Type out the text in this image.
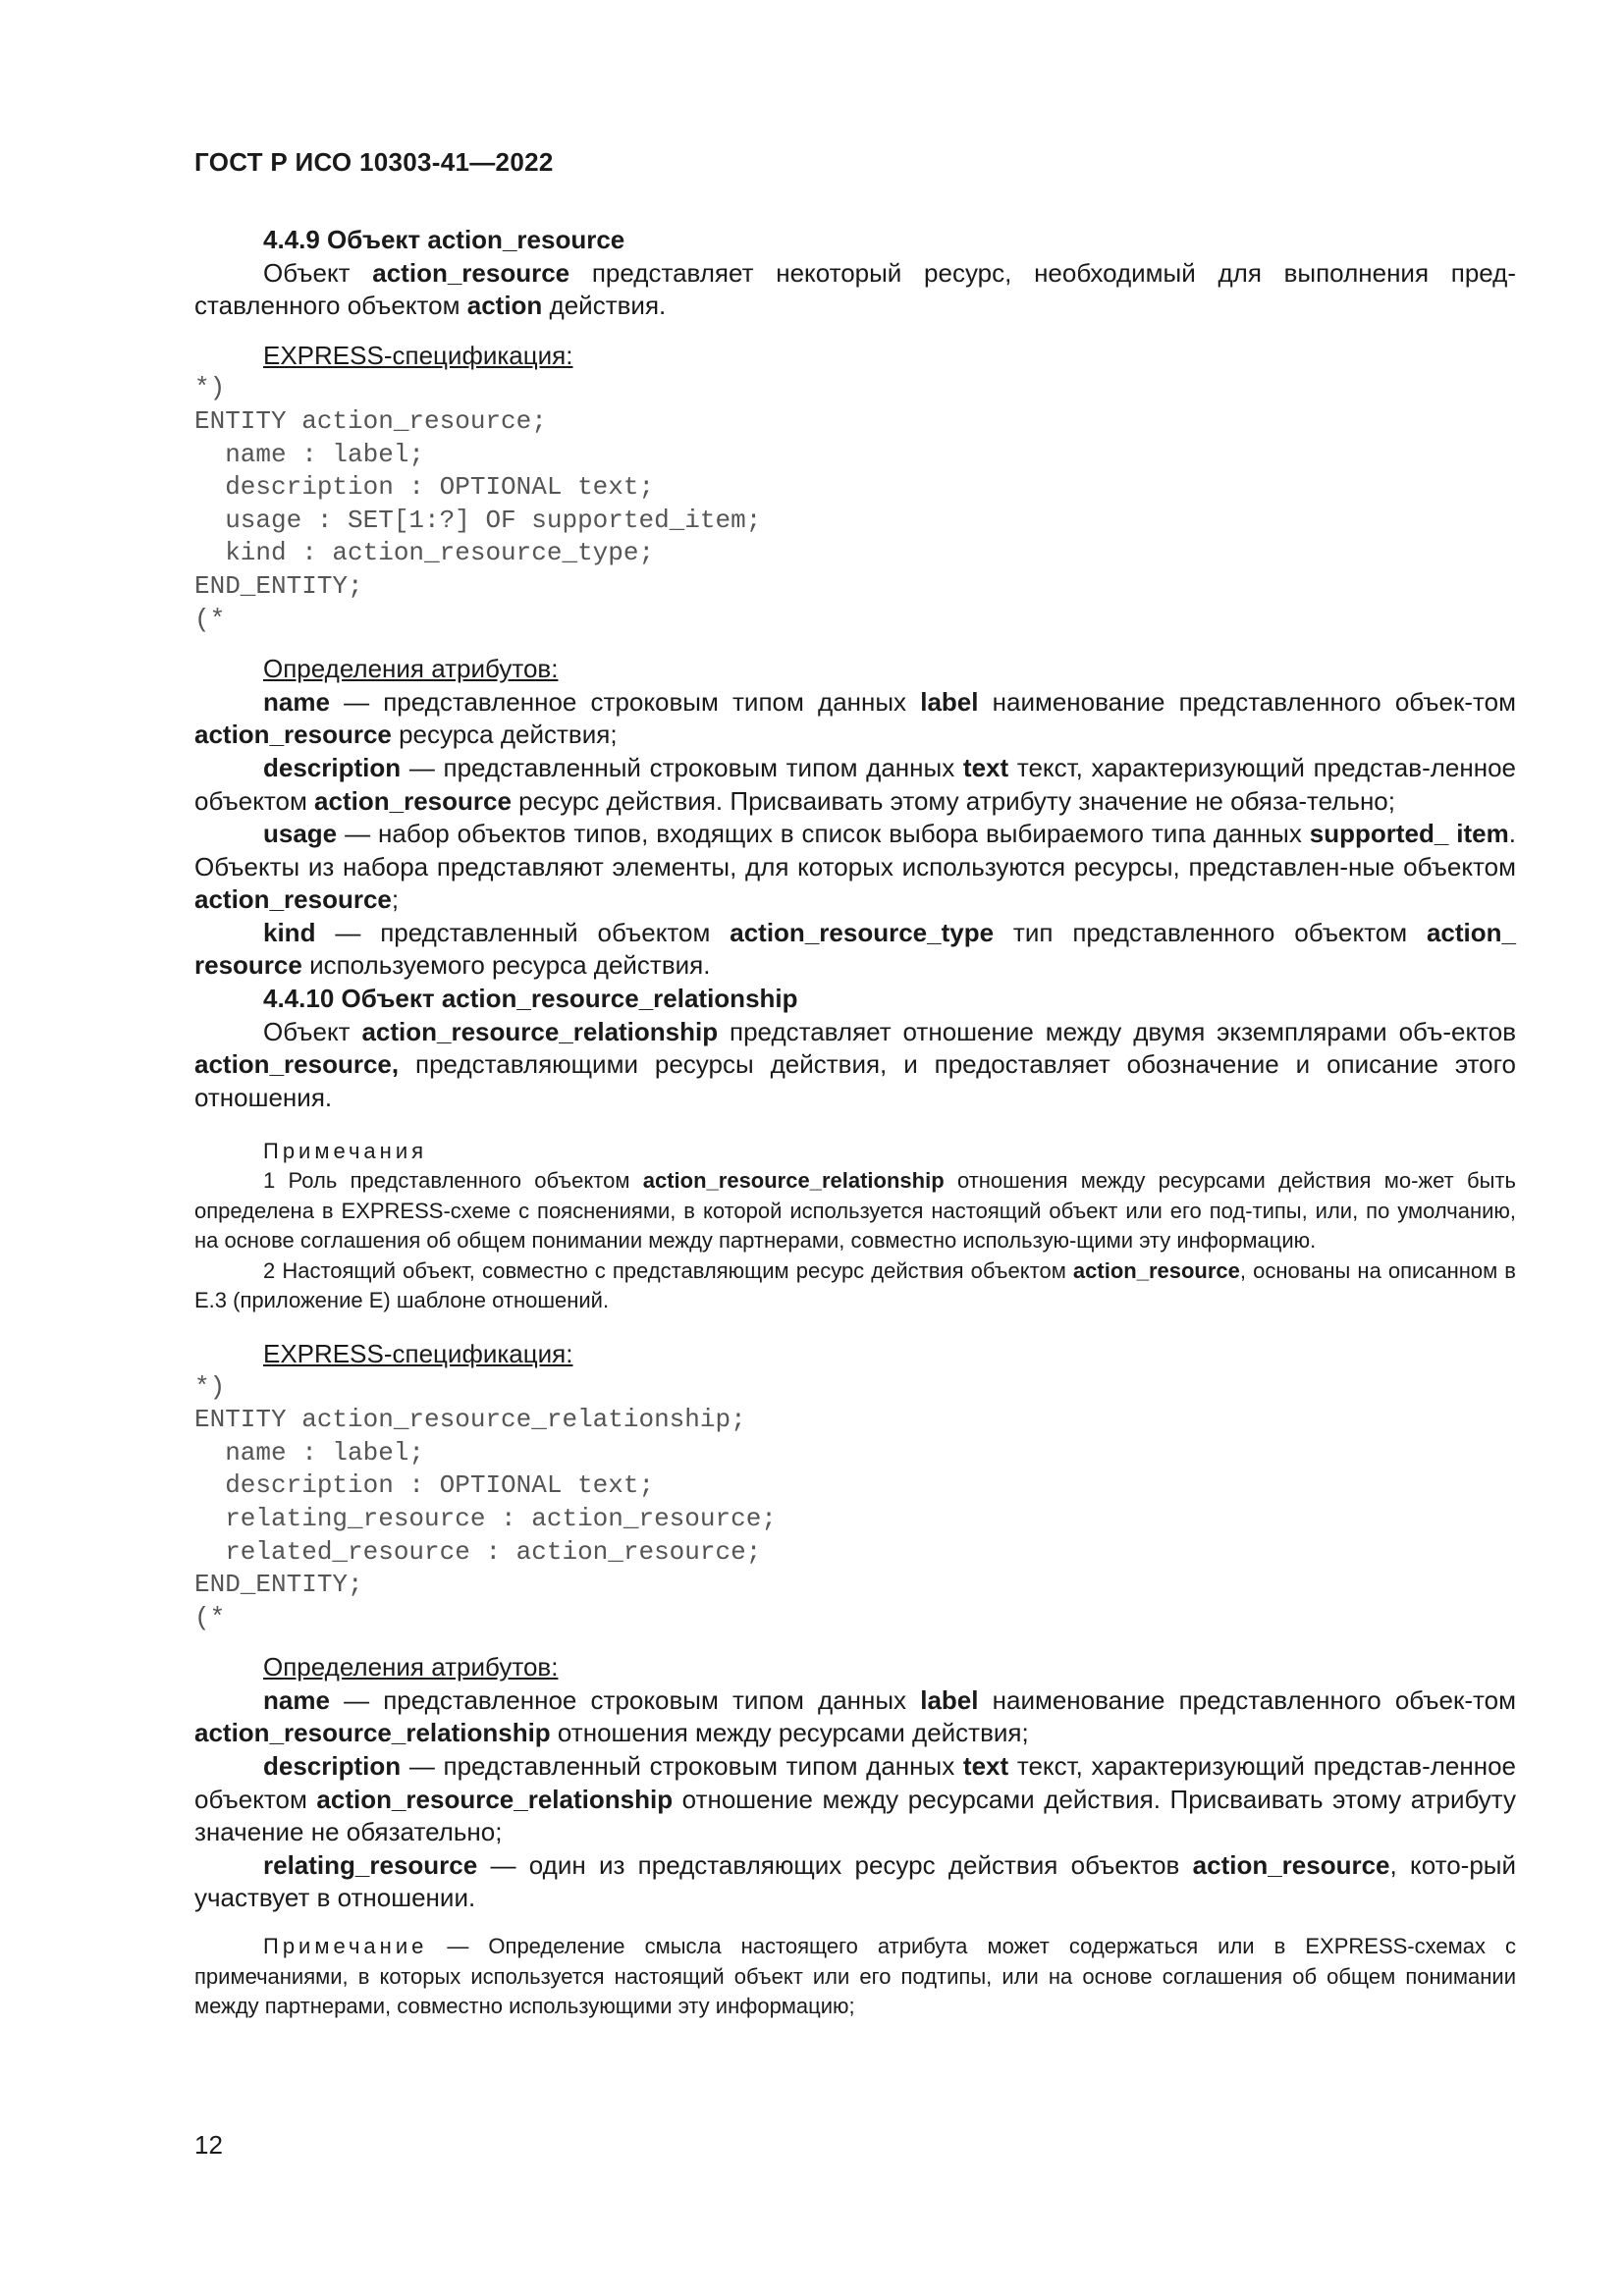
ГОСТ Р ИСО 10303-41—2022

4.4.9 Объект action_resource

Объект action_resource представляет некоторый ресурс, необходимый для выполнения пред-ставленного объектом action действия.

EXPRESS-спецификация:

*)
ENTITY action_resource;
name : label;
description : OPTIONAL text;
usage : SET[1:?] OF supported_item;
kind : action_resource_type;
END_ENTITY;
(*

Определения атрибутов:

name — представленное строковым типом данных label наименование представленного объек-том action_resource ресурса действия;

description — представленный строковым типом данных text текст, характеризующий представ-ленное объектом action_resource ресурс действия. Присваивать этому атрибуту значение не обяза-тельно;

usage — набор объектов типов, входящих в список выбора выбираемого типа данных supported_ item. Объекты из набора представляют элементы, для которых используются ресурсы, представлен-ные объектом action_resource;

kind — представленный объектом action_resource_type тип представленного объектом action_ resource используемого ресурса действия.

4.4.10 Объект action_resource_relationship

Объект action_resource_relationship представляет отношение между двумя экземплярами объ-ектов action_resource, представляющими ресурсы действия, и предоставляет обозначение и описание этого отношения.

Примечания

1 Роль представленного объектом action_resource_relationship отношения между ресурсами действия мо-жет быть определена в EXPRESS-схеме с пояснениями, в которой используется настоящий объект или его под-типы, или, по умолчанию, на основе соглашения об общем понимании между партнерами, совместно использую-щими эту информацию.

2 Настоящий объект, совместно с представляющим ресурс действия объектом action_resource, основаны на описанном в Е.3 (приложение Е) шаблоне отношений.

EXPRESS-спецификация:

*)
ENTITY action_resource_relationship;
name : label;
description : OPTIONAL text;
relating_resource : action_resource;
related_resource : action_resource;
END_ENTITY;
(*

Определения атрибутов:

name — представленное строковым типом данных label наименование представленного объек-том action_resource_relationship отношения между ресурсами действия;

description — представленный строковым типом данных text текст, характеризующий представ-ленное объектом action_resource_relationship отношение между ресурсами действия. Присваивать этому атрибуту значение не обязательно;

relating_resource — один из представляющих ресурс действия объектов action_resource, кото-рый участвует в отношении.

Примечание — Определение смысла настоящего атрибута может содержаться или в EXPRESS-схемах с примечаниями, в которых используется настоящий объект или его подтипы, или на основе соглашения об общем понимании между партнерами, совместно использующими эту информацию;

12
